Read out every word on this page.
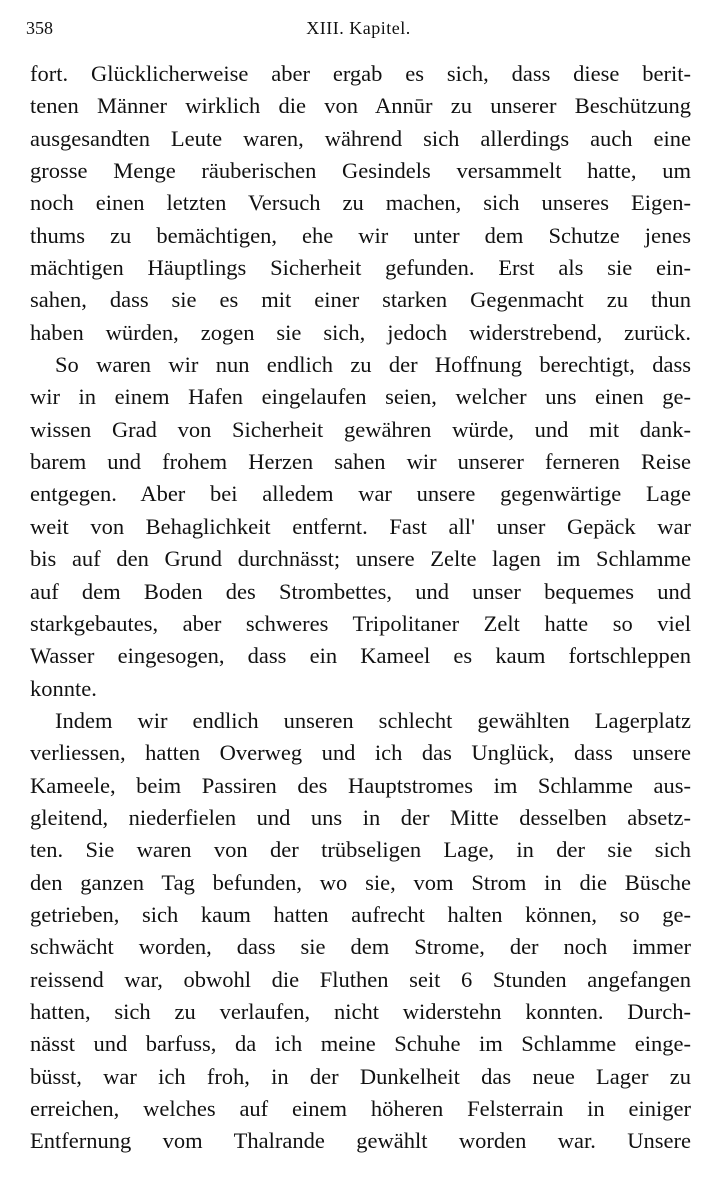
358	XIII. Kapitel.
fort. Glücklicherweise aber ergab es sich, dass diese berit-
tenen Männer wirklich die von Annūr zu unserer Beschützung
ausgesandten Leute waren, während sich allerdings auch eine
grosse Menge räuberischen Gesindels versammelt hatte, um
noch einen letzten Versuch zu machen, sich unseres Eigen-
thums zu bemächtigen, ehe wir unter dem Schutze jenes
mächtigen Häuptlings Sicherheit gefunden. Erst als sie ein-
sahen, dass sie es mit einer starken Gegenmacht zu thun
haben würden, zogen sie sich, jedoch widerstrebend, zurück.
So waren wir nun endlich zu der Hoffnung berechtigt, dass
wir in einem Hafen eingelaufen seien, welcher uns einen ge-
wissen Grad von Sicherheit gewähren würde, und mit dank-
barem und frohem Herzen sahen wir unserer ferneren Reise
entgegen. Aber bei alledem war unsere gegenwärtige Lage
weit von Behaglichkeit entfernt. Fast all' unser Gepäck war
bis auf den Grund durchnässt; unsere Zelte lagen im Schlamme
auf dem Boden des Strombettes, und unser bequemes und
starkgebautes, aber schweres Tripolitaner Zelt hatte so viel
Wasser eingesogen, dass ein Kameel es kaum fortschleppen
konnte.
Indem wir endlich unseren schlecht gewählten Lagerplatz
verliessen, hatten Overweg und ich das Unglück, dass unsere
Kameele, beim Passiren des Hauptstromes im Schlamme aus-
gleitend, niederfielen und uns in der Mitte desselben absetz-
ten. Sie waren von der trübseligen Lage, in der sie sich
den ganzen Tag befunden, wo sie, vom Strom in die Büsche
getrieben, sich kaum hatten aufrecht halten können, so ge-
schwächt worden, dass sie dem Strome, der noch immer
reissend war, obwohl die Fluthen seit 6 Stunden angefangen
hatten, sich zu verlaufen, nicht widerstehn konnten. Durch-
nässt und barfuss, da ich meine Schuhe im Schlamme einge-
büsst, war ich froh, in der Dunkelheit das neue Lager zu
erreichen, welches auf einem höheren Felsterrain in einiger
Entfernung vom Thalrande gewählt worden war. Unsere
